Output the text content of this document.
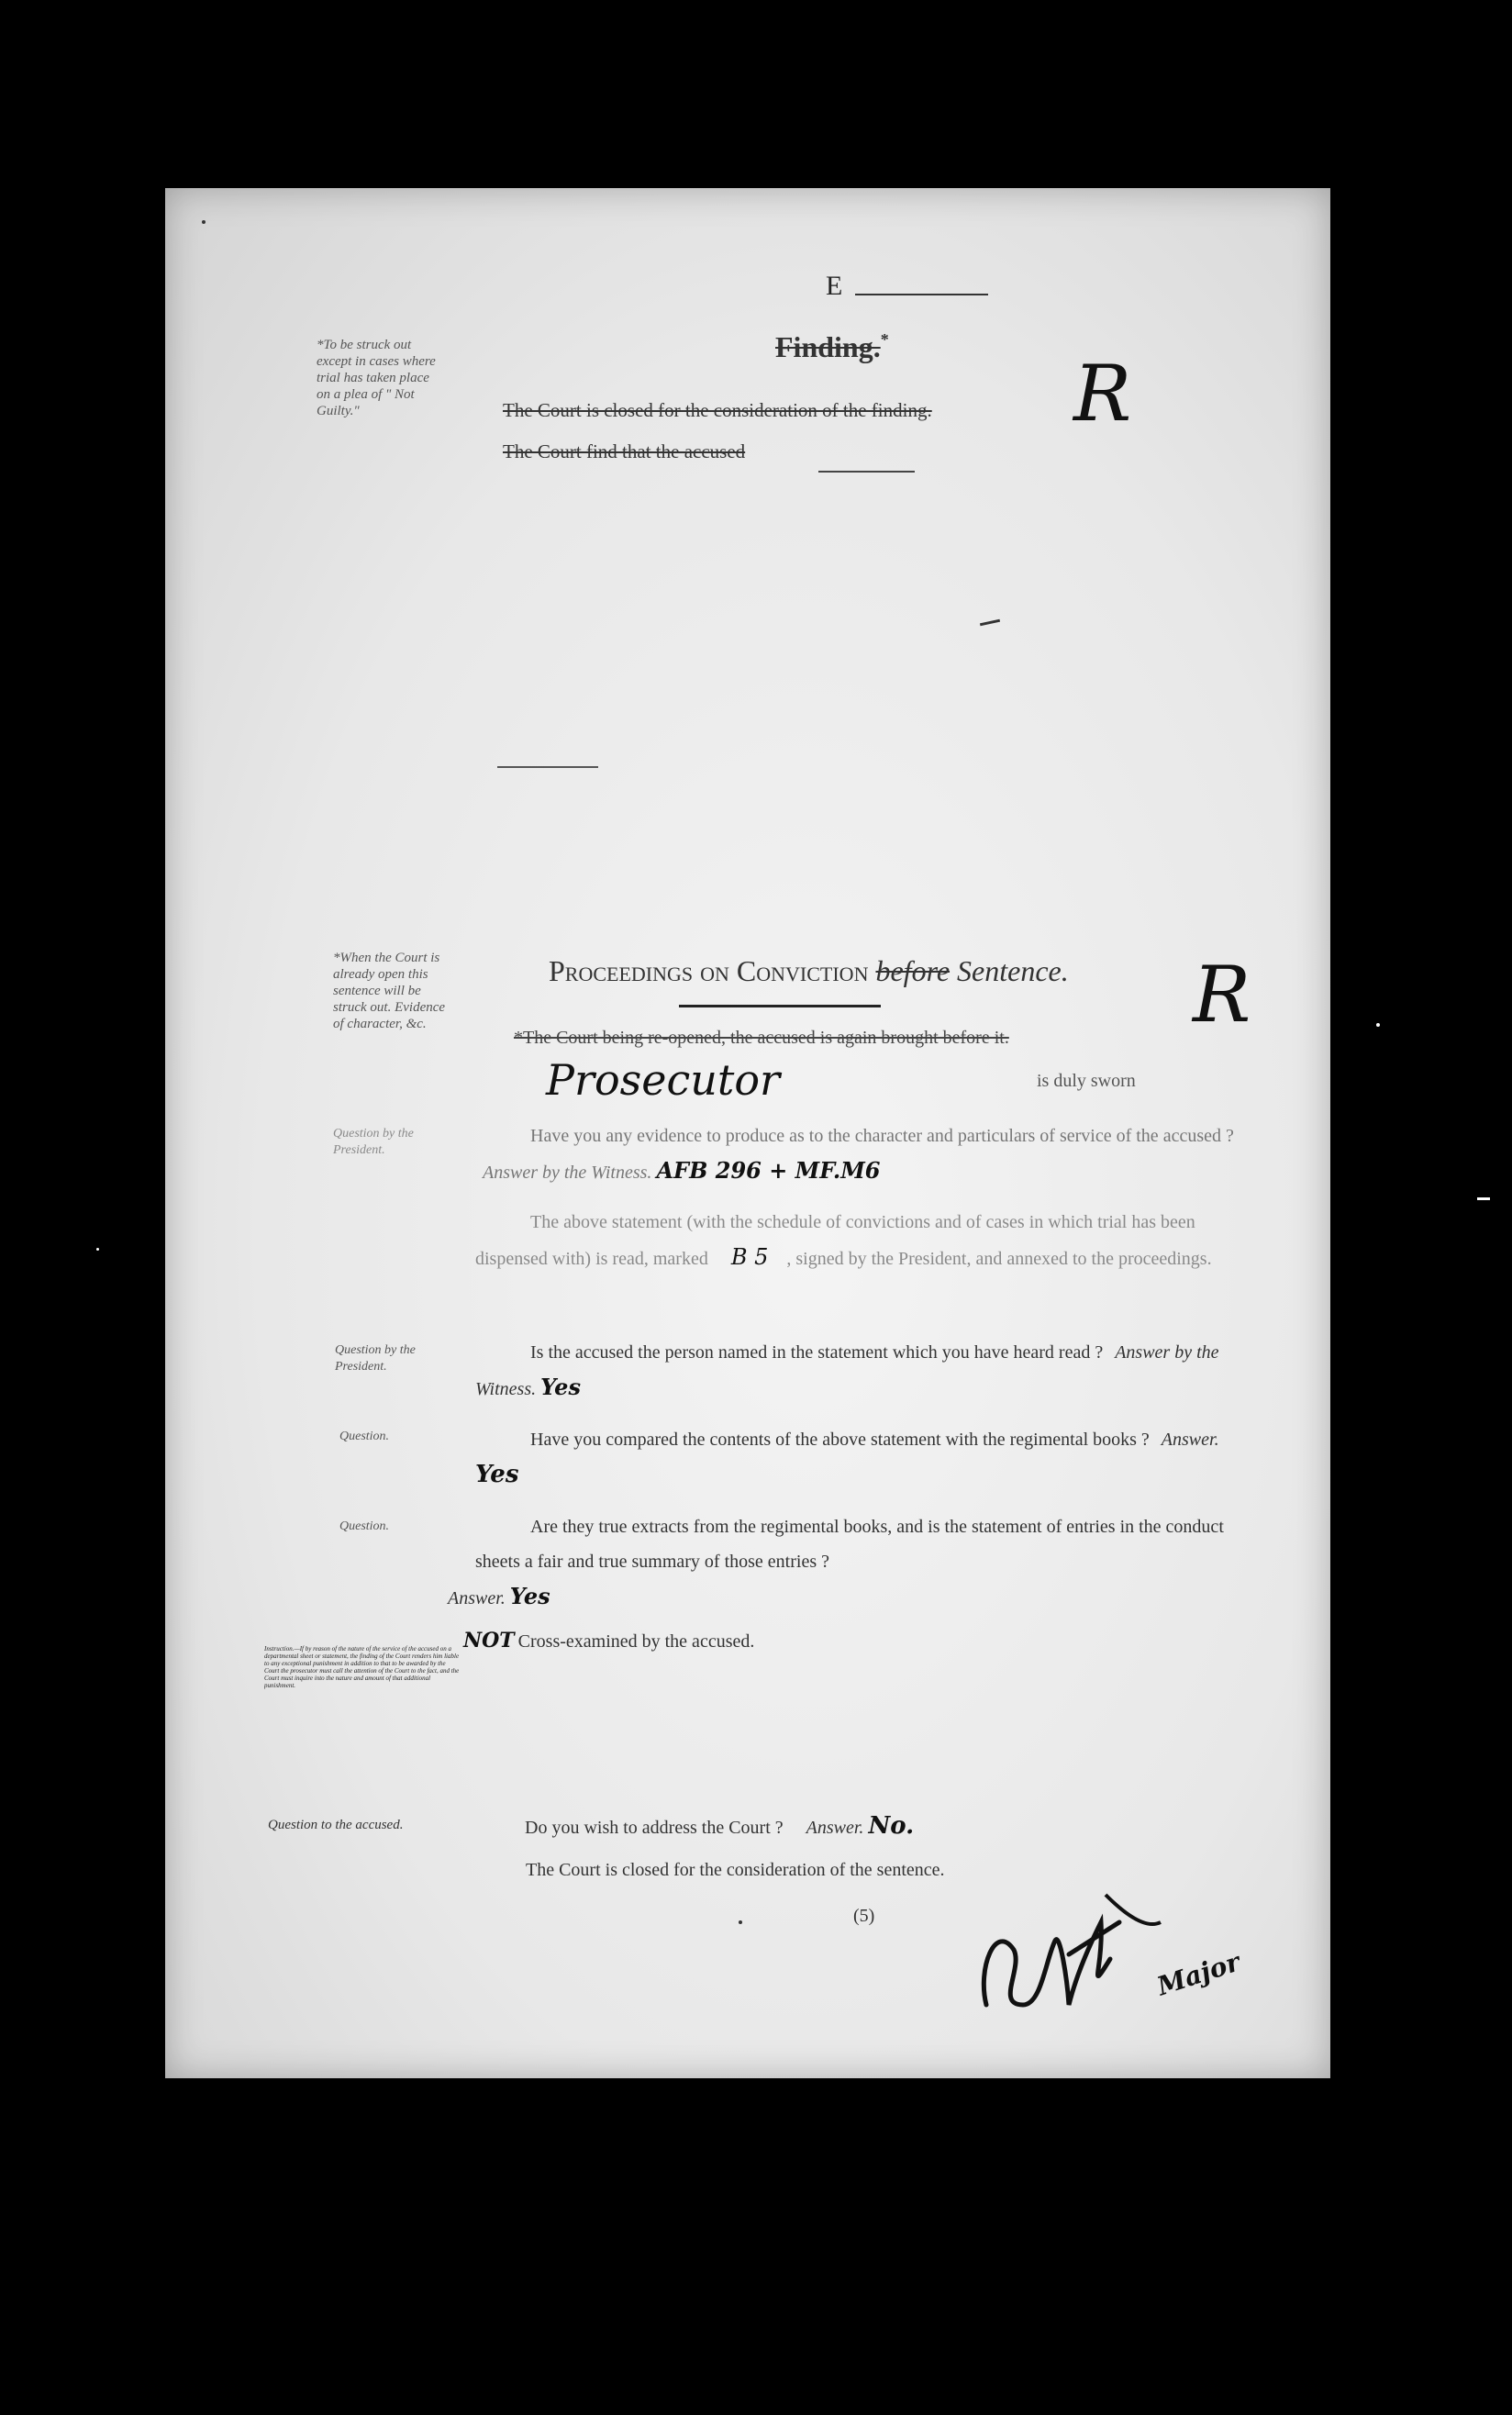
E
*To be struck out except in cases where trial has taken place on a plea of " Not Guilty."
Finding.*
The Court is closed for the consideration of the finding.
The Court find that the accused
R
*When the Court is already open this sentence will be struck out. Evidence of character, &c.
Proceedings on Conviction before Sentence. R
*The Court being re-opened, the accused is again brought before it.
Prosecutor	is duly sworn
Question by the President.
Have you any evidence to produce as to the character and particulars of service of the accused ? Answer by the Witness. AFB 296 + MF.M6
The above statement (with the schedule of convictions and of cases in which trial has been dispensed with) is read, marked B 5 , signed by the President, and annexed to the proceedings.
Question by the President.
Is the accused the person named in the statement which you have heard read ? Answer by the Witness. Yes
Question.	Have you compared the contents of the above statement with the regimental books ? Answer. Yes
Question.	Are they true extracts from the regimental books, and is the statement of entries in the conduct sheets a fair and true summary of those entries ?
Answer. Yes
Instruction.—If by reason of the nature of the service of the accused on a departmental sheet or statement, the finding of the Court renders him liable to any exceptional punishment in addition to that to be awarded by the Court the prosecutor must call the attention of the Court to the fact, and the Court must inquire into the nature and amount of that additional punishment.
NOT Cross-examined by the accused.
Question to the accused.	Do you wish to address the Court ? Answer. No.
The Court is closed for the consideration of the sentence.
(5)
Major
